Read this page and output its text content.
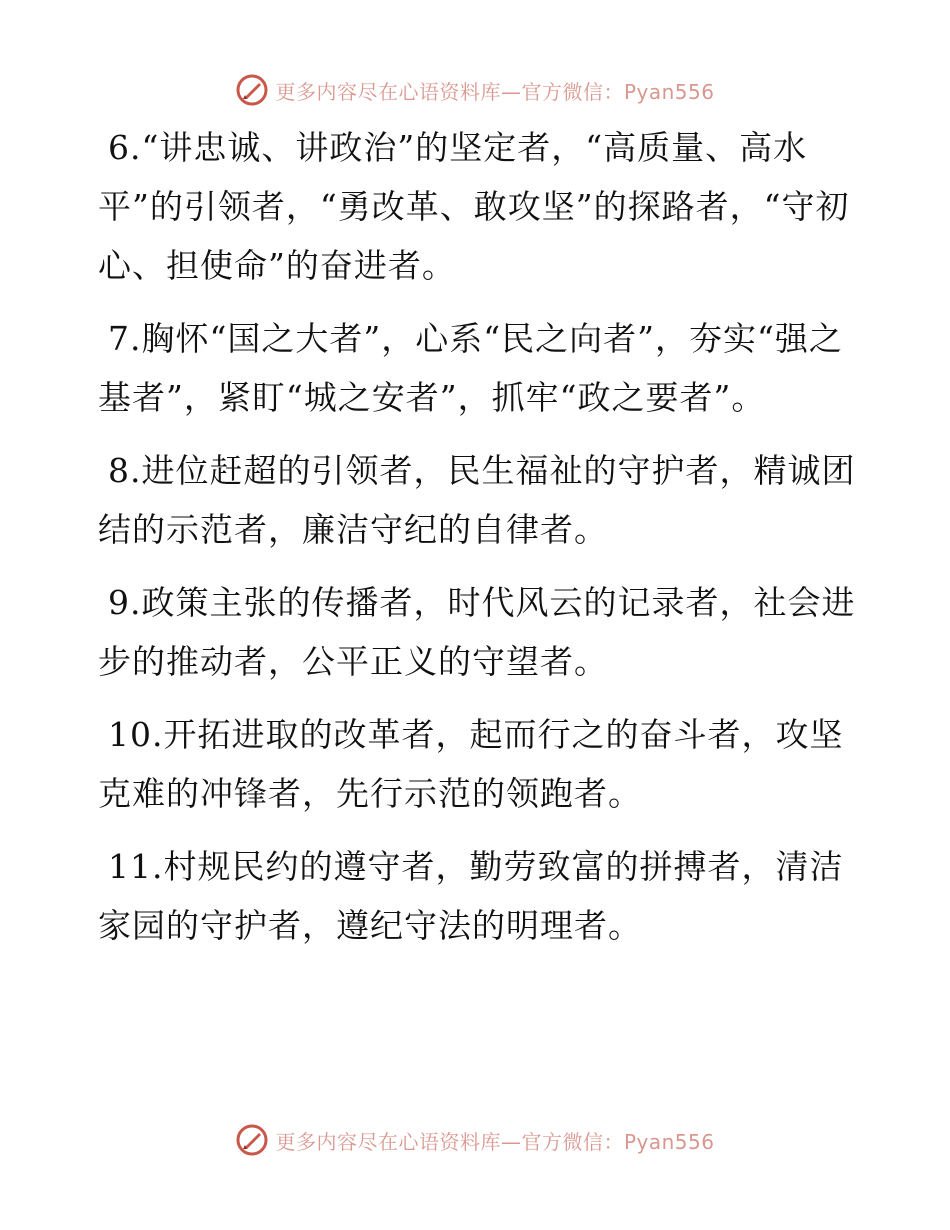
更多内容尽在心语资料库—官方微信：Pyan556

6.“讲忠诚、讲政治”的坚定者，“高质量、高水平”的引领者，“勇改革、敢攻坚”的探路者，“守初心、担使命”的奋进者。

7.胸怀“国之大者”，心系“民之向者”，夯实“强之基者”，紧盯“城之安者”，抓牢“政之要者”。

8.进位赶超的引领者，民生福祉的守护者，精诚团结的示范者，廉洁守纪的自律者。

9.政策主张的传播者，时代风云的记录者，社会进步的推动者，公平正义的守望者。

10.开拓进取的改革者，起而行之的奋斗者，攻坚克难的冲锋者，先行示范的领跑者。

11.村规民约的遵守者，勤劳致富的拼搏者，清洁家园的守护者，遵纪守法的明理者。

更多内容尽在心语资料库—官方微信：Pyan556
